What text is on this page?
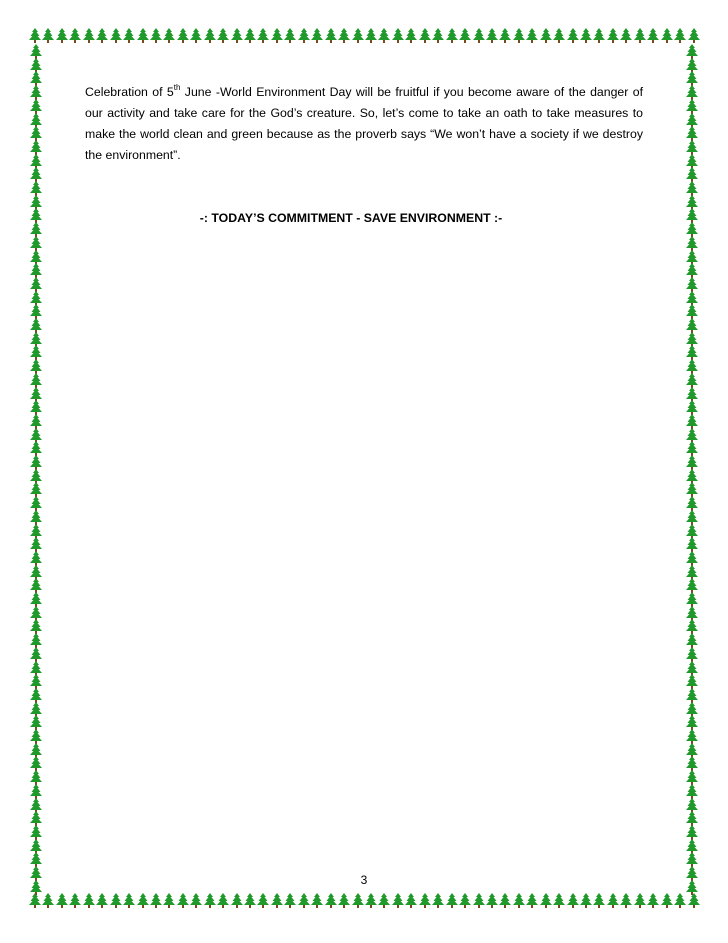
Celebration of 5th June -World Environment Day will be fruitful if you become aware of the danger of our activity and take care for the God’s creature. So, let’s come to take an oath to take measures to make the world clean and green because as the proverb says “We won’t have a society if we destroy the environment”.

-: TODAY’S COMMITMENT - SAVE ENVIRONMENT :-
3
